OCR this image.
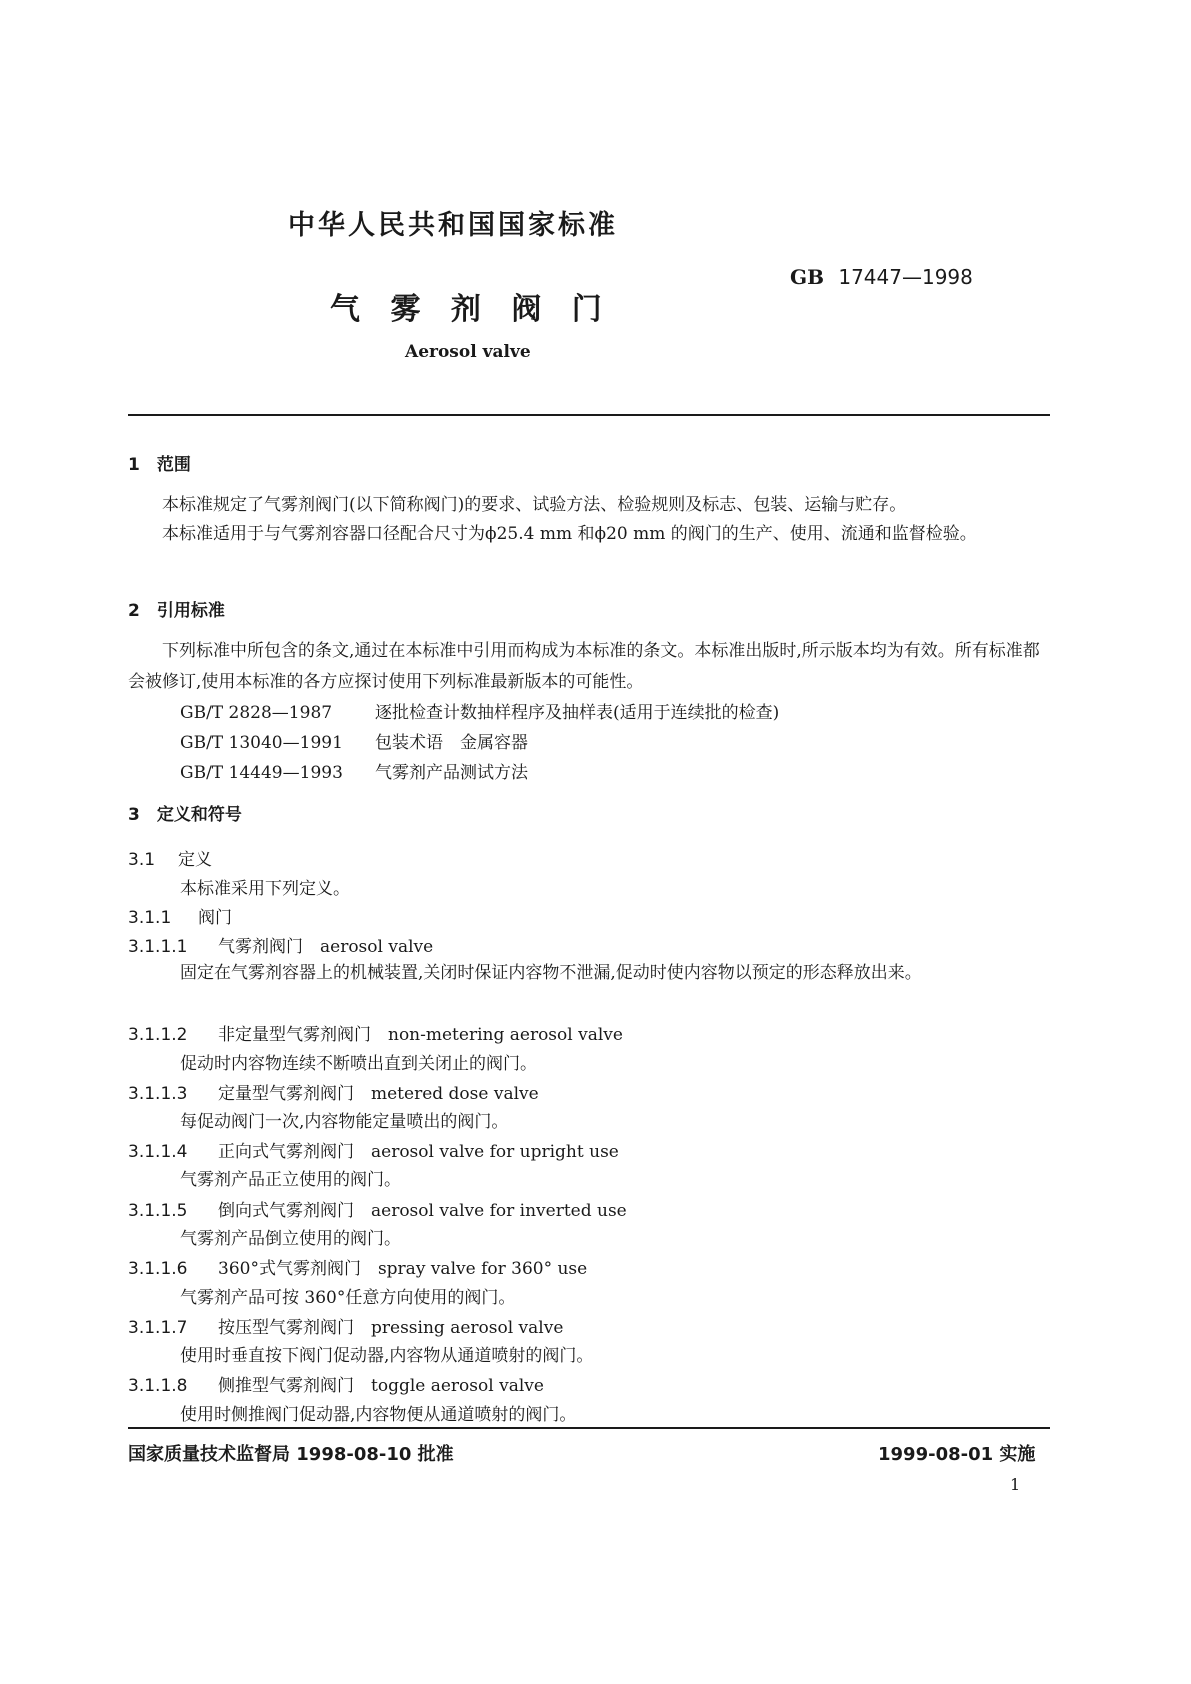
中华人民共和国国家标准
GB 17447—1998
气 雾 剂 阀 门
Aerosol valve
1　范围
本标准规定了气雾剂阀门(以下简称阀门)的要求、试验方法、检验规则及标志、包装、运输与贮存。
本标准适用于与气雾剂容器口径配合尺寸为ϕ25.4 mm 和ϕ20 mm 的阀门的生产、使用、流通和监督检验。
2　引用标准
下列标准中所包含的条文,通过在本标准中引用而构成为本标准的条文。本标准出版时,所示版本均为有效。所有标准都会被修订,使用本标准的各方应探讨使用下列标准最新版本的可能性。
GB/T 2828—1987	逐批检查计数抽样程序及抽样表(适用于连续批的检查)
GB/T 13040—1991 包装术语　金属容器
GB/T 14449—1993 气雾剂产品测试方法
3　定义和符号
3.1 定义
本标准采用下列定义。
3.1.1 阀门
3.1.1.1 气雾剂阀门　aerosol valve
固定在气雾剂容器上的机械装置,关闭时保证内容物不泄漏,促动时使内容物以预定的形态释放出来。
3.1.1.2 非定量型气雾剂阀门　non-metering aerosol valve
促动时内容物连续不断喷出直到关闭止的阀门。
3.1.1.3 定量型气雾剂阀门　metered dose valve
每促动阀门一次,内容物能定量喷出的阀门。
3.1.1.4 正向式气雾剂阀门　aerosol valve for upright use
气雾剂产品正立使用的阀门。
3.1.1.5 倒向式气雾剂阀门　aerosol valve for inverted use
气雾剂产品倒立使用的阀门。
3.1.1.6 360°式气雾剂阀门　spray valve for 360° use
气雾剂产品可按 360°任意方向使用的阀门。
3.1.1.7 按压型气雾剂阀门　pressing aerosol valve
使用时垂直按下阀门促动器,内容物从通道喷射的阀门。
3.1.1.8 侧推型气雾剂阀门　toggle aerosol valve
使用时侧推阀门促动器,内容物便从通道喷射的阀门。
国家质量技术监督局 1998-08-10 批准	1999-08-01 实施
1
